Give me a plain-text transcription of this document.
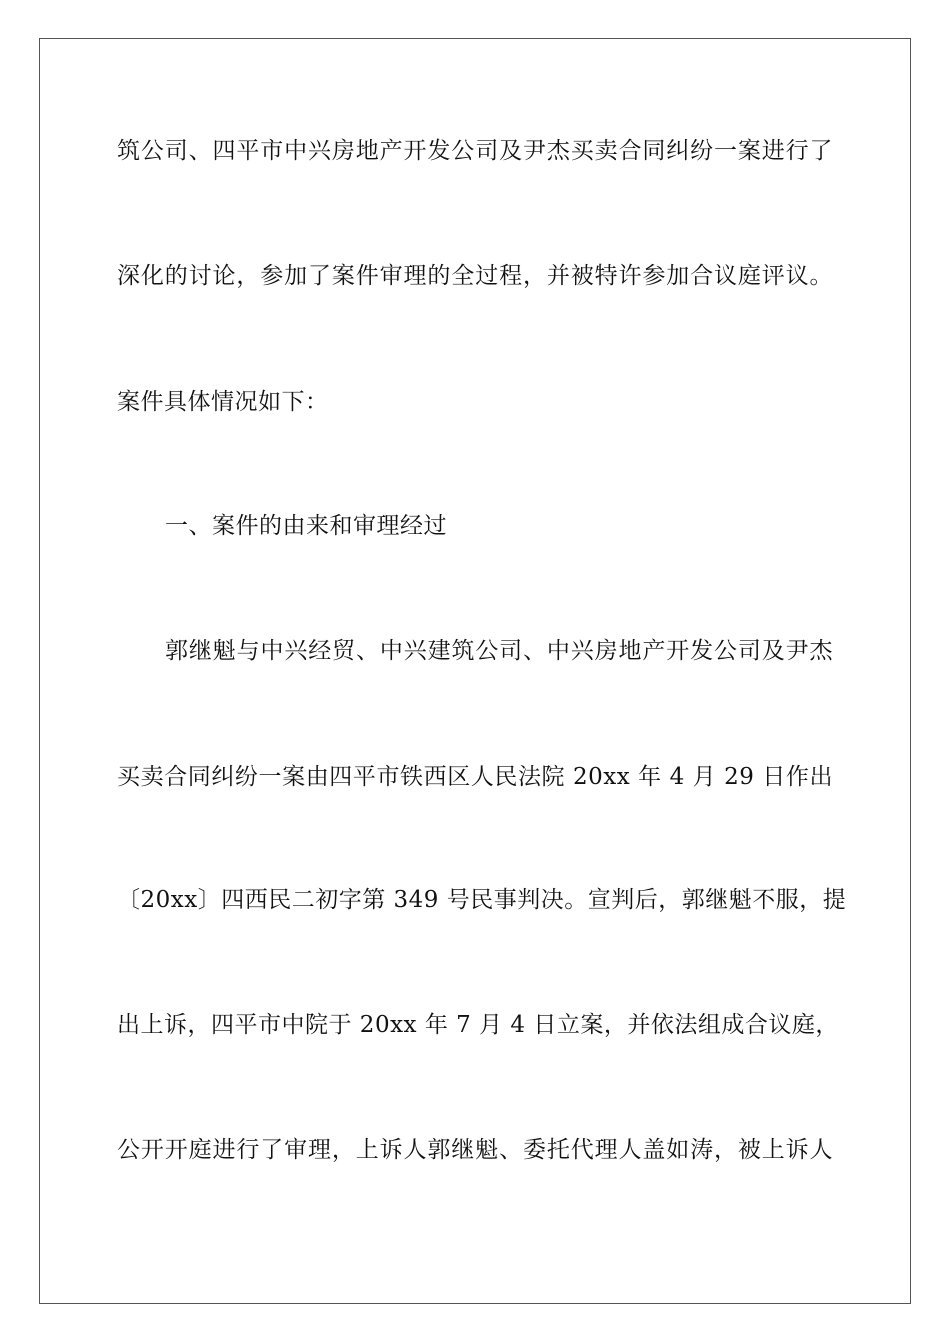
筑公司、四平市中兴房地产开发公司及尹杰买卖合同纠纷一案进行了
深化的讨论，参加了案件审理的全过程，并被特许参加合议庭评议。
案件具体情况如下：
一、案件的由来和审理经过
郭继魁与中兴经贸、中兴建筑公司、中兴房地产开发公司及尹杰
买卖合同纠纷一案由四平市铁西区人民法院 20xx 年 4 月 29 日作出
〔20xx〕四西民二初字第 349 号民事判决。宣判后，郭继魁不服，提
出上诉，四平市中院于 20xx 年 7 月 4 日立案，并依法组成合议庭，
公开开庭进行了审理，上诉人郭继魁、委托代理人盖如涛，被上诉人
